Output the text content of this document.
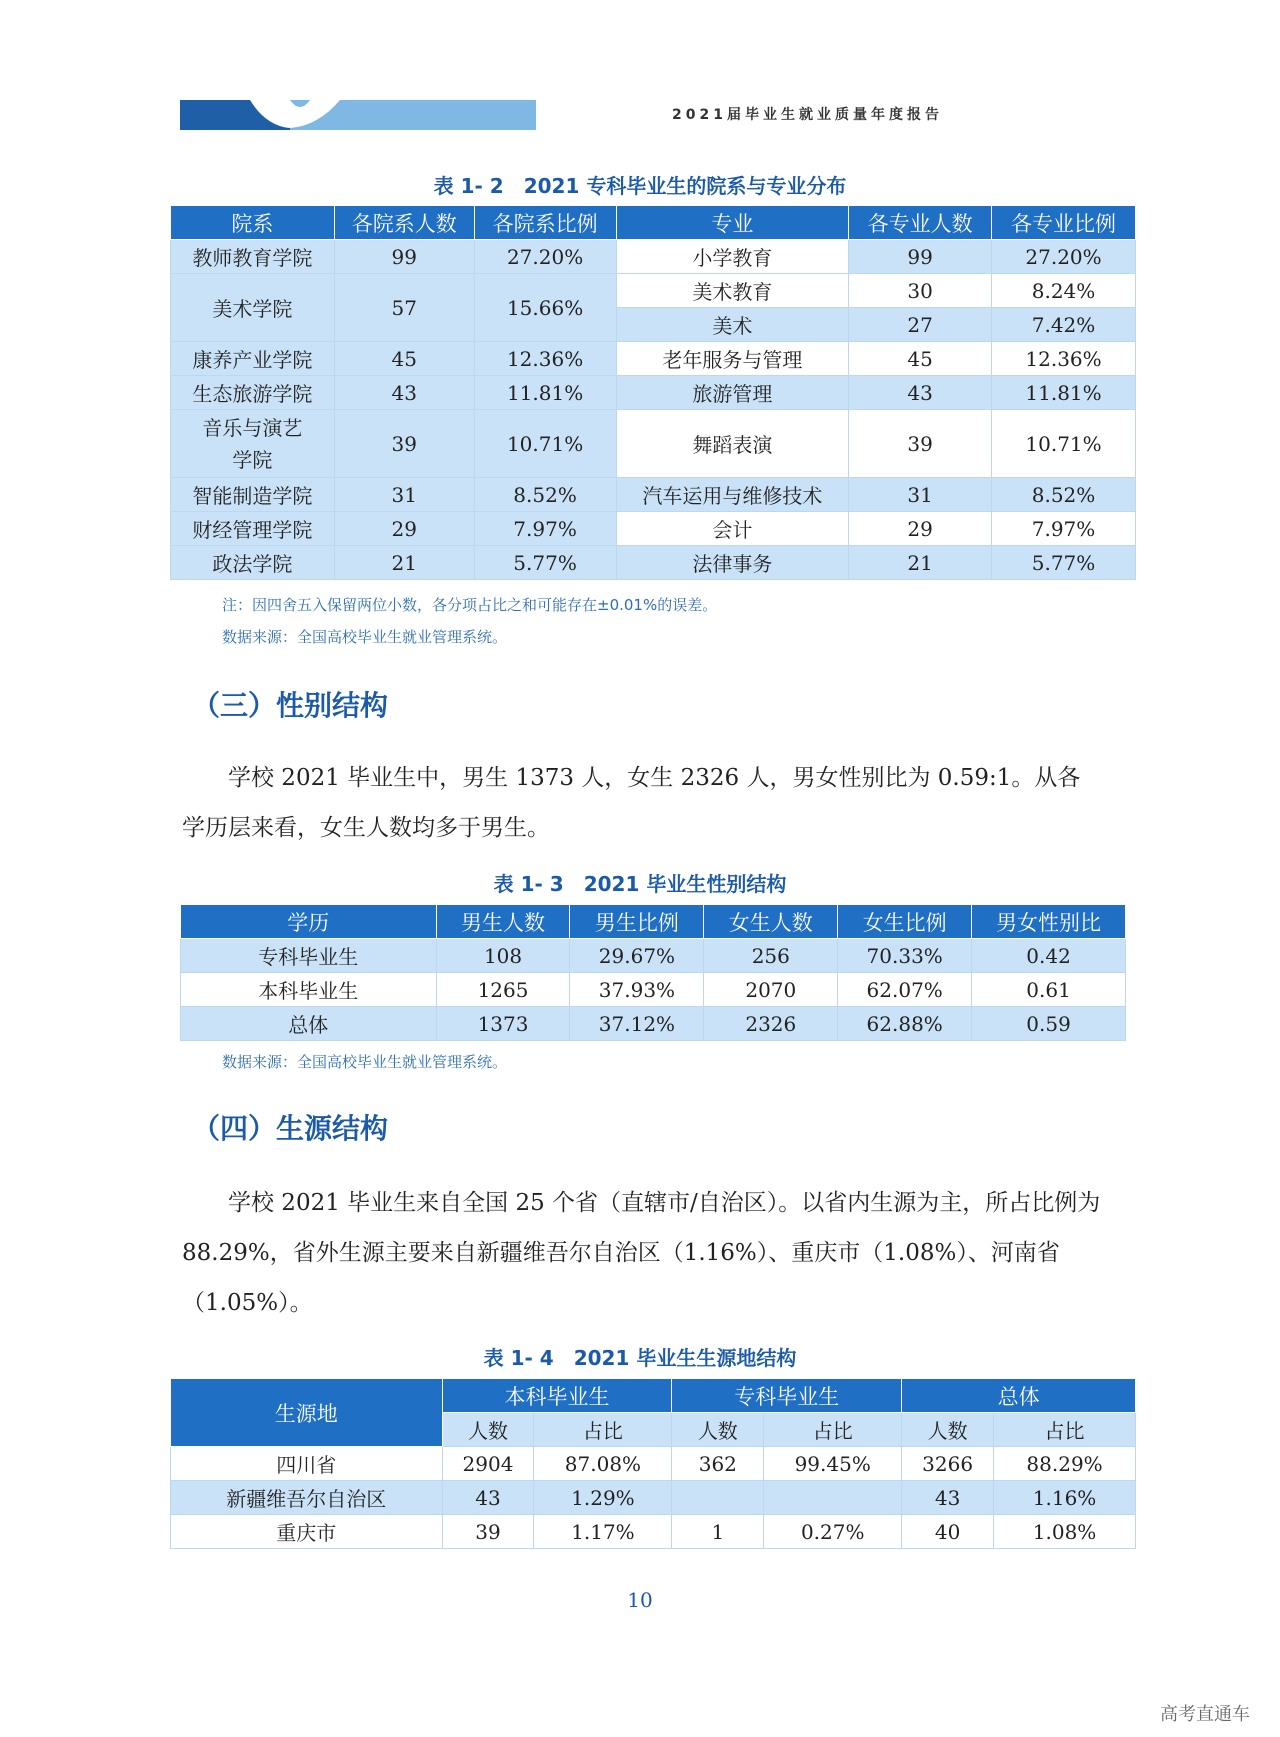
2021届毕业生就业质量年度报告
表 1- 2　2021 专科毕业生的院系与专业分布
院系	各院系人数	各院系比例	专业	各专业人数	各专业比例
教师教育学院	99	27.20%	小学教育	99	27.20%
美术学院	57	15.66%	美术教育	30	8.24%
			美术	27	7.42%
康养产业学院	45	12.36%	老年服务与管理	45	12.36%
生态旅游学院	43	11.81%	旅游管理	43	11.81%
音乐与演艺
学院	39	10.71%	舞蹈表演	39	10.71%
智能制造学院	31	8.52%	汽车运用与维修技术	31	8.52%
财经管理学院	29	7.97%	会计	29	7.97%
政法学院	21	5.77%	法律事务	21	5.77%
注：因四舍五入保留两位小数，各分项占比之和可能存在±0.01%的误差。
数据来源：全国高校毕业生就业管理系统。
（三）性别结构
学校 2021 毕业生中，男生 1373 人，女生 2326 人，男女性别比为 0.59:1。从各学历层来看，女生人数均多于男生。
表 1- 3　2021 毕业生性别结构
学历	男生人数	男生比例	女生人数	女生比例	男女性别比
专科毕业生	108	29.67%	256	70.33%	0.42
本科毕业生	1265	37.93%	2070	62.07%	0.61
总体	1373	37.12%	2326	62.88%	0.59
数据来源：全国高校毕业生就业管理系统。
（四）生源结构
学校 2021 毕业生来自全国 25 个省（直辖市/自治区）。以省内生源为主，所占比例为 88.29%，省外生源主要来自新疆维吾尔自治区（1.16%）、重庆市（1.08%）、河南省（1.05%）。
表 1- 4　2021 毕业生生源地结构
生源地	本科毕业生		专科毕业生		总体	
	人数	占比	人数	占比	人数	占比
四川省	2904	87.08%	362	99.45%	3266	88.29%
新疆维吾尔自治区	43	1.29%			43	1.16%
重庆市	39	1.17%	1	0.27%	40	1.08%
10
高考直通车
